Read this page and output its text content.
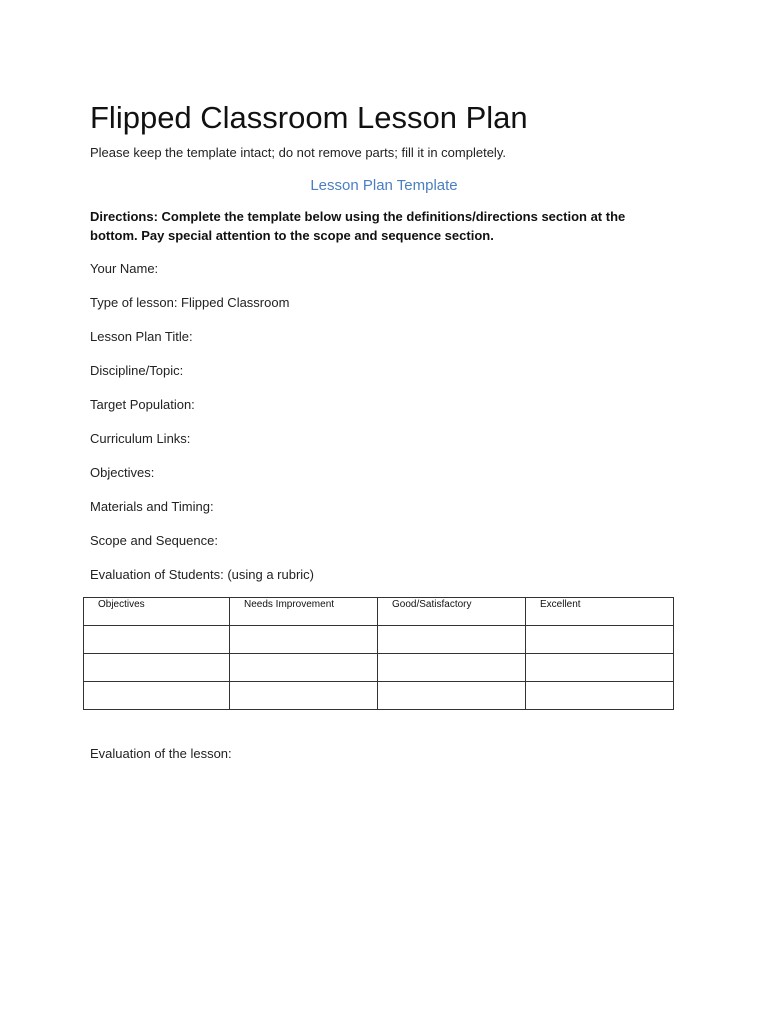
Flipped Classroom Lesson Plan
Please keep the template intact; do not remove parts; fill it in completely.
Lesson Plan Template
Directions: Complete the template below using the definitions/directions section at the bottom. Pay special attention to the scope and sequence section.
Your Name:
Type of lesson: Flipped Classroom
Lesson Plan Title:
Discipline/Topic:
Target Population:
Curriculum Links:
Objectives:
Materials and Timing:
Scope and Sequence:
Evaluation of Students: (using a rubric)
Objectives	Needs Improvement	Good/Satisfactory	Excellent

Evaluation of the lesson:
